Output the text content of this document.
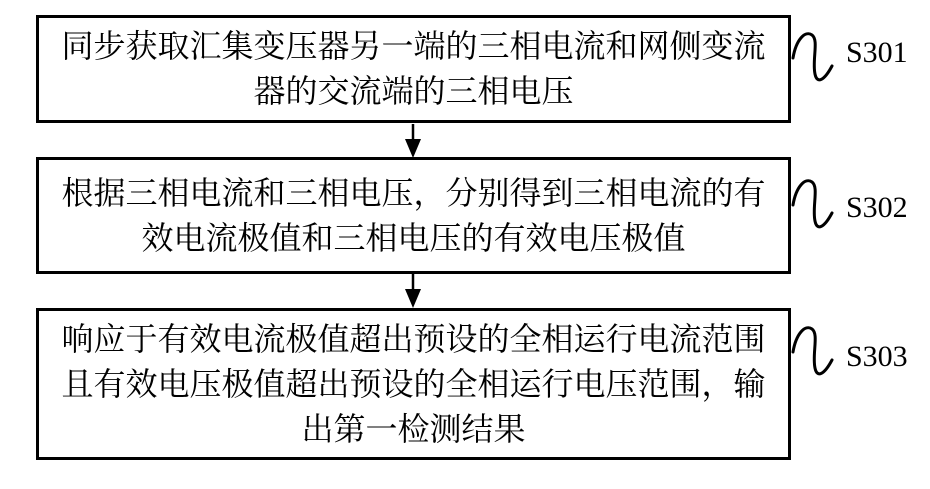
同步获取汇集变压器另一端的三相电流和网侧变流
器的交流端的三相电压
根据三相电流和三相电压，分别得到三相电流的有
效电流极值和三相电压的有效电压极值
响应于有效电流极值超出预设的全相运行电流范围
且有效电压极值超出预设的全相运行电压范围，输
出第一检测结果
S301
S302
S303
